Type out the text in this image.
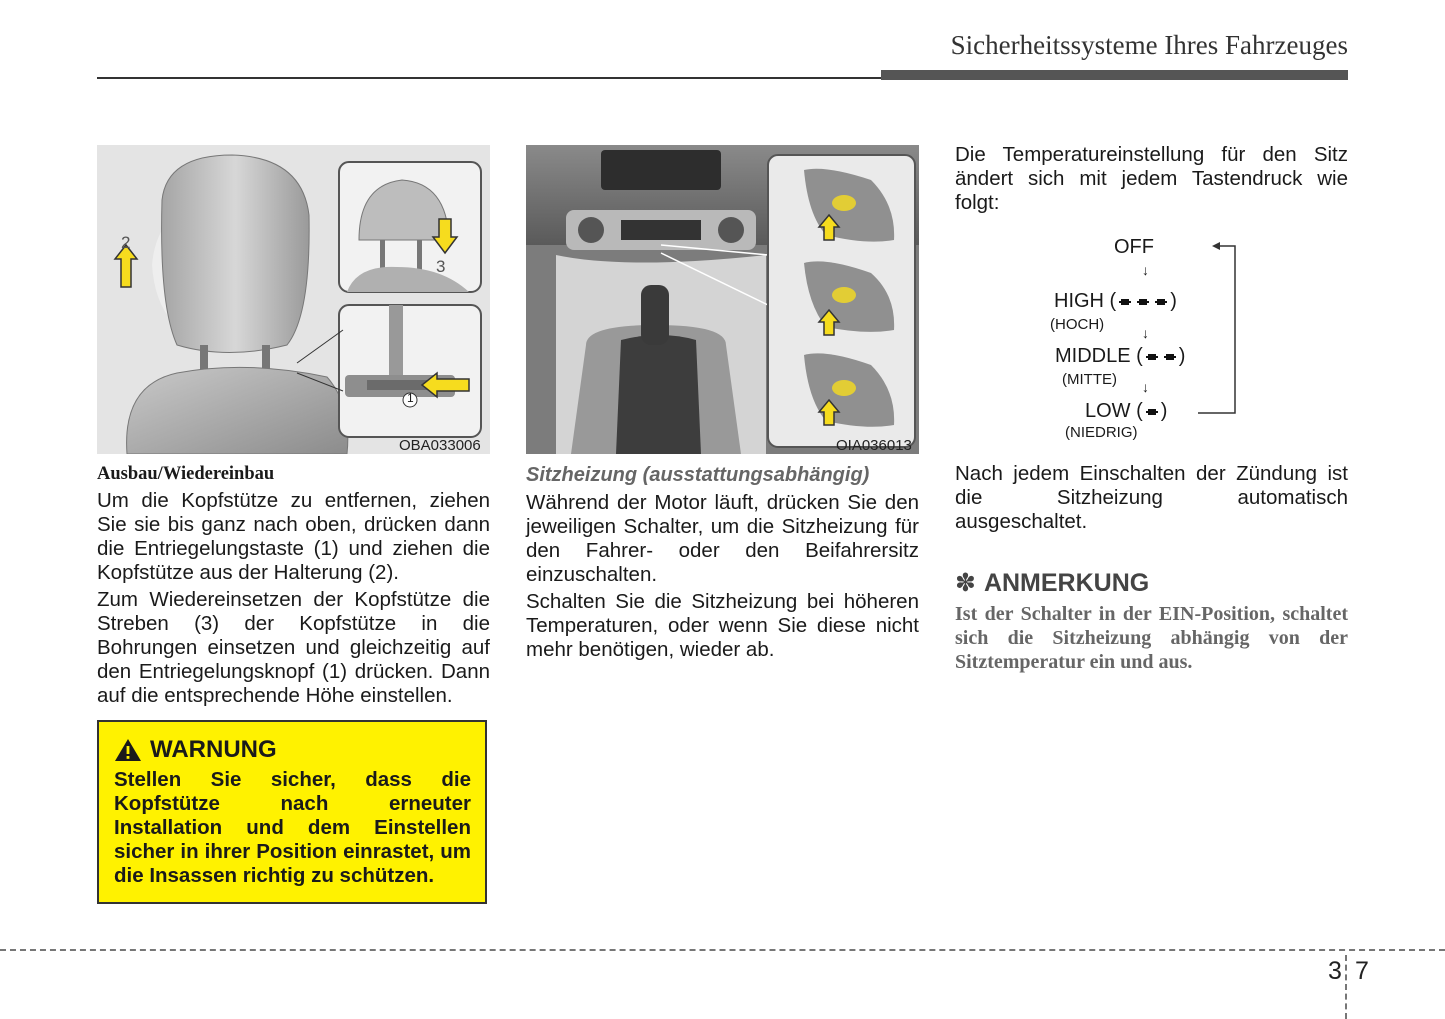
Sicherheitssysteme Ihres Fahrzeuges
2
3
1
OBA033006	OIA036013
Ausbau/Wiedereinbau
Um die Kopfstütze zu entfernen, ziehen Sie sie bis ganz nach oben, drücken dann die Entriegelungstaste (1) und ziehen die Kopfstütze aus der Halterung (2).
Zum Wiedereinsetzen der Kopfstütze die Streben (3) der Kopfstütze in die Bohrungen einsetzen und gleichzeitig auf den Entriegelungsknopf (1) drücken. Dann auf die entsprechende Höhe einstellen.
WARNUNG
Stellen Sie sicher, dass die Kopfstütze nach erneuter Installation und dem Einstellen sicher in ihrer Position einrastet, um die Insassen richtig zu schützen.
Sitzheizung (ausstattungsabhängig)
Während der Motor läuft, drücken Sie den jeweiligen Schalter, um die Sitzheizung für den Fahrer- oder den Beifahrersitz einzuschalten.
Schalten Sie die Sitzheizung bei höheren Temperaturen, oder wenn Sie diese nicht mehr benötigen, wieder ab.
Die Temperatureinstellung für den Sitz ändert sich mit jedem Tastendruck wie folgt:
OFF
↓
HIGH (	)
(HOCH)	↓
MIDDLE ( )
(MITTE) ↓
LOW ( )
(NIEDRIG)
Nach jedem Einschalten der Zündung ist die Sitzheizung automatisch ausgeschaltet.
✽ ANMERKUNG
Ist der Schalter in der EIN-Position, schaltet sich die Sitzheizung abhängig von der Sitztemperatur ein und aus.
3 7
